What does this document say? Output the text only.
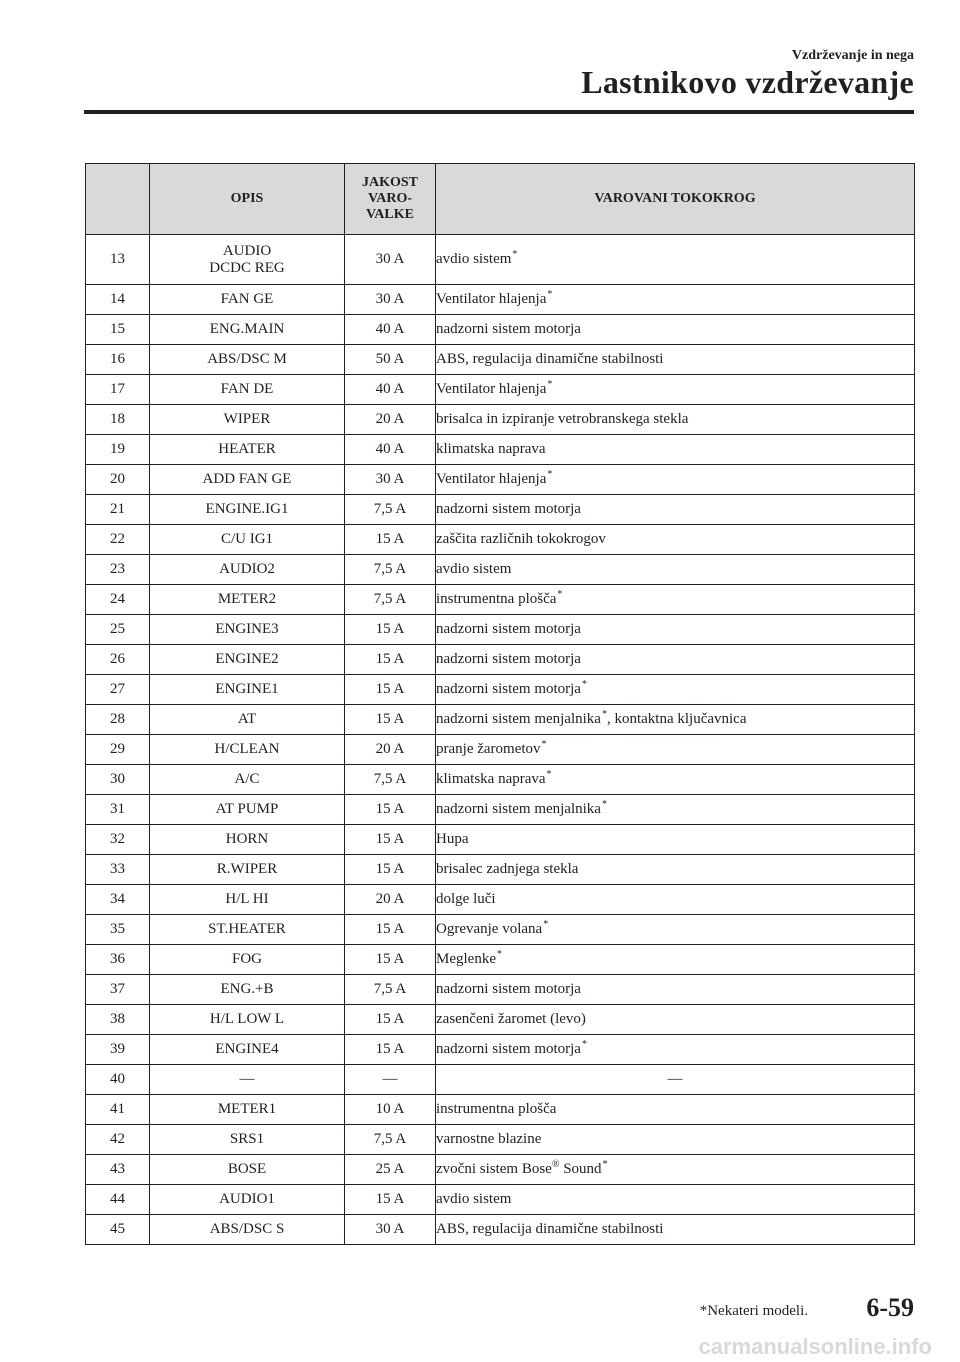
Vzdrževanje in nega
Lastnikovo vzdrževanje
	OPIS	JAKOST
VARO-
VALKE	VAROVANI TOKOKROG
13	AUDIO
DCDC REG	30 A	avdio sistem*
14	FAN GE	30 A	Ventilator hlajenja*
15	ENG.MAIN	40 A	nadzorni sistem motorja
16	ABS/DSC M	50 A	ABS, regulacija dinamične stabilnosti
17	FAN DE	40 A	Ventilator hlajenja*
18	WIPER	20 A	brisalca in izpiranje vetrobranskega stekla
19	HEATER	40 A	klimatska naprava
20	ADD FAN GE	30 A	Ventilator hlajenja*
21	ENGINE.IG1	7,5 A	nadzorni sistem motorja
22	C/U IG1	15 A	zaščita različnih tokokrogov
23	AUDIO2	7,5 A	avdio sistem
24	METER2	7,5 A	instrumentna plošča*
25	ENGINE3	15 A	nadzorni sistem motorja
26	ENGINE2	15 A	nadzorni sistem motorja
27	ENGINE1	15 A	nadzorni sistem motorja*
28	AT	15 A	nadzorni sistem menjalnika*, kontaktna ključavnica
29	H/CLEAN	20 A	pranje žarometov*
30	A/C	7,5 A	klimatska naprava*
31	AT PUMP	15 A	nadzorni sistem menjalnika*
32	HORN	15 A	Hupa
33	R.WIPER	15 A	brisalec zadnjega stekla
34	H/L HI	20 A	dolge luči
35	ST.HEATER	15 A	Ogrevanje volana*
36	FOG	15 A	Meglenke*
37	ENG.+B	7,5 A	nadzorni sistem motorja
38	H/L LOW L	15 A	zasenčeni žaromet (levo)
39	ENGINE4	15 A	nadzorni sistem motorja*
40	—	—	—
41	METER1	10 A	instrumentna plošča
42	SRS1	7,5 A	varnostne blazine
43	BOSE	25 A	zvočni sistem Bose® Sound*
44	AUDIO1	15 A	avdio sistem
45	ABS/DSC S	30 A	ABS, regulacija dinamične stabilnosti
*Nekateri modeli. 6-59
carmanualsonline.info
